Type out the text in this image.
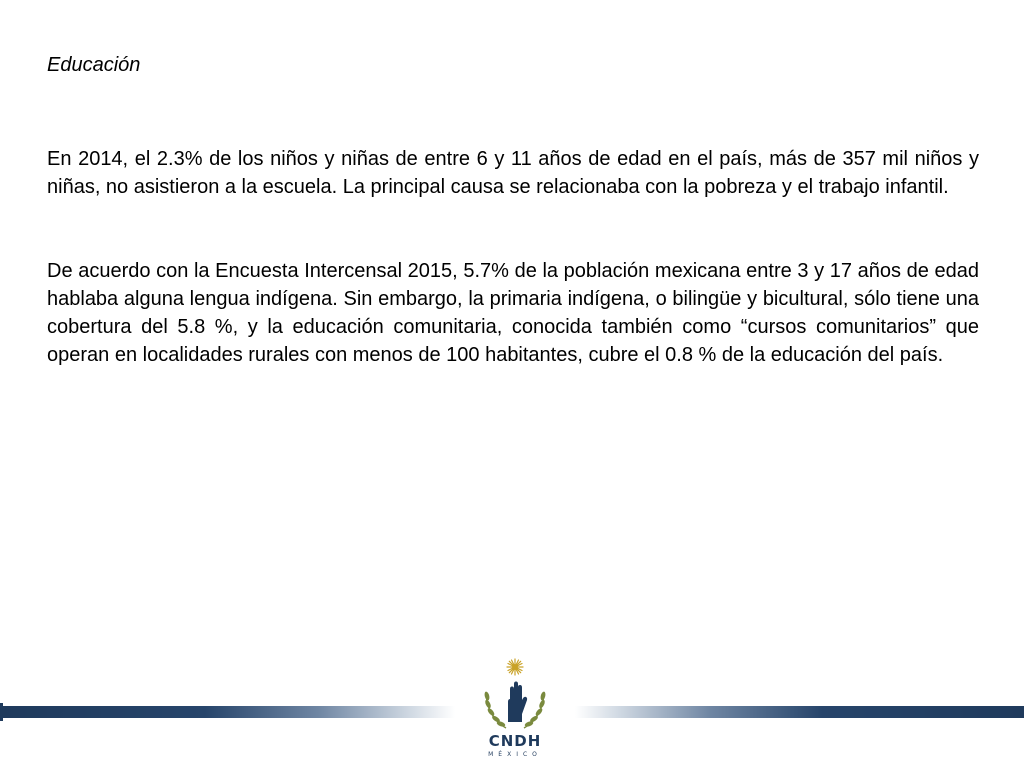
Educación

En 2014, el 2.3% de los niños y niñas de entre 6 y 11 años de edad en el país, más de 357 mil niños y niñas, no asistieron a la escuela. La principal causa se relacionaba con la pobreza y el trabajo infantil.

De acuerdo con la Encuesta Intercensal 2015, 5.7% de la población mexicana entre 3 y 17 años de edad hablaba alguna lengua indígena. Sin embargo, la primaria indígena, o bilingüe y bicultural, sólo tiene una cobertura del 5.8 %, y la educación comunitaria, conocida también como “cursos comunitarios” que operan en localidades rurales con menos de 100 habitantes, cubre el 0.8 % de la educación del país.

CNDH
MÉXICO
